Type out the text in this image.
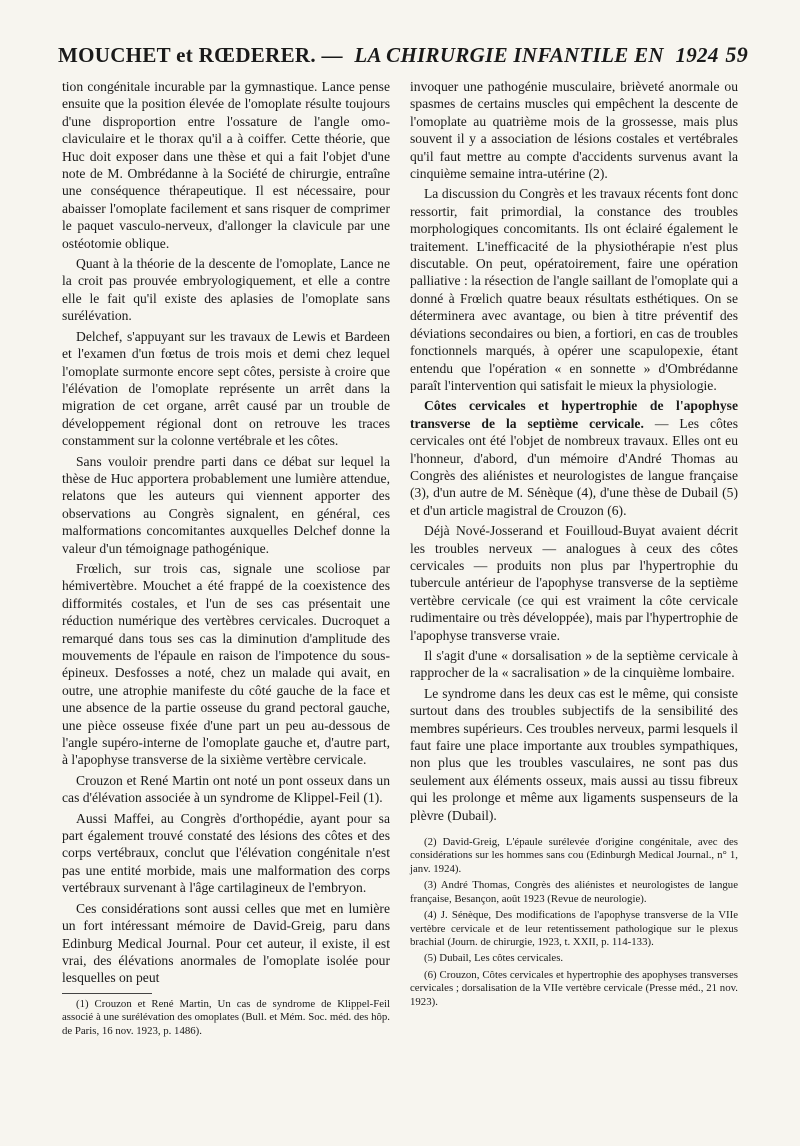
MOUCHET et RŒDERER. — LA CHIRURGIE INFANTILE EN 1924 59

tion congénitale incurable par la gymnastique. Lance pense ensuite que la position élevée de l'omoplate résulte toujours d'une disproportion entre l'ossature de l'angle omo-claviculaire et le thorax qu'il a à coiffer. Cette théorie, que Huc doit exposer dans une thèse et qui a fait l'objet d'une note de M. Ombrédanne à la Société de chirurgie, entraîne une conséquence thérapeutique. Il est nécessaire, pour abaisser l'omoplate facilement et sans risquer de comprimer le paquet vasculo-nerveux, d'allonger la clavicule par une ostéotomie oblique.

Quant à la théorie de la descente de l'omoplate, Lance ne la croit pas prouvée embryologiquement, et elle a contre elle le fait qu'il existe des aplasies de l'omoplate sans surélévation.

Delchef, s'appuyant sur les travaux de Lewis et Bardeen et l'examen d'un fœtus de trois mois et demi chez lequel l'omoplate surmonte encore sept côtes, persiste à croire que l'élévation de l'omoplate représente un arrêt dans la migration de cet organe, arrêt causé par un trouble de développement régional dont on retrouve les traces constamment sur la colonne vertébrale et les côtes.

Sans vouloir prendre parti dans ce débat sur lequel la thèse de Huc apportera probablement une lumière attendue, relatons que les auteurs qui viennent apporter des observations au Congrès signalent, en général, ces malformations concomitantes auxquelles Delchef donne la valeur d'un témoignage pathogénique.

Frœlich, sur trois cas, signale une scoliose par hémivertèbre. Mouchet a été frappé de la coexistence des difformités costales, et l'un de ses cas présentait une réduction numérique des vertèbres cervicales. Ducroquet a remarqué dans tous ses cas la diminution d'amplitude des mouvements de l'épaule en raison de l'impotence du sous-épineux. Desfosses a noté, chez un malade qui avait, en outre, une atrophie manifeste du côté gauche de la face et une absence de la partie osseuse du grand pectoral gauche, une pièce osseuse fixée d'une part un peu au-dessous de l'angle supéro-interne de l'omoplate gauche et, d'autre part, à l'apophyse transverse de la sixième vertèbre cervicale.

Crouzon et René Martin ont noté un pont osseux dans un cas d'élévation associée à un syndrome de Klippel-Feil (1).

Aussi Maffei, au Congrès d'orthopédie, ayant pour sa part également trouvé constaté des lésions des côtes et des corps vertébraux, conclut que l'élévation congénitale n'est pas une entité morbide, mais une malformation des corps vertébraux survenant à l'âge cartilagineux de l'embryon.

Ces considérations sont aussi celles que met en lumière un fort intéressant mémoire de David-Greig, paru dans Edinburg Medical Journal. Pour cet auteur, il existe, il est vrai, des élévations anormales de l'omoplate isolée pour lesquelles on peut

(1) Crouzon et René Martin, Un cas de syndrome de Klippel-Feil associé à une surélévation des omoplates (Bull. et Mém. Soc. méd. des hôp. de Paris, 16 nov. 1923, p. 1486).

invoquer une pathogénie musculaire, brièveté anormale ou spasmes de certains muscles qui empêchent la descente de l'omoplate au quatrième mois de la grossesse, mais plus souvent il y a association de lésions costales et vertébrales qu'il faut mettre au compte d'accidents survenus avant la cinquième semaine intra-utérine (2).

La discussion du Congrès et les travaux récents font donc ressortir, fait primordial, la constance des troubles morphologiques concomitants. Ils ont éclairé également le traitement. L'inefficacité de la physiothérapie n'est plus discutable. On peut, opératoirement, faire une opération palliative : la résection de l'angle saillant de l'omoplate qui a donné à Frœlich quatre beaux résultats esthétiques. On se déterminera avec avantage, ou bien à titre préventif des déviations secondaires ou bien, a fortiori, en cas de troubles fonctionnels marqués, à opérer une scapulopexie, étant entendu que l'opération « en sonnette » d'Ombrédanne paraît l'intervention qui satisfait le mieux la physiologie.

Côtes cervicales et hypertrophie de l'apophyse transverse de la septième cervicale. — Les côtes cervicales ont été l'objet de nombreux travaux. Elles ont eu l'honneur, d'abord, d'un mémoire d'André Thomas au Congrès des aliénistes et neurologistes de langue française (3), d'un autre de M. Sénèque (4), d'une thèse de Dubail (5) et d'un article magistral de Crouzon (6).

Déjà Nové-Josserand et Fouilloud-Buyat avaient décrit les troubles nerveux — analogues à ceux des côtes cervicales — produits non plus par l'hypertrophie du tubercule antérieur de l'apophyse transverse de la septième vertèbre cervicale (ce qui est vraiment la côte cervicale rudimentaire ou très développée), mais par l'hypertrophie de l'apophyse transverse vraie.

Il s'agit d'une « dorsalisation » de la septième cervicale à rapprocher de la « sacralisation » de la cinquième lombaire.

Le syndrome dans les deux cas est le même, qui consiste surtout dans des troubles subjectifs de la sensibilité des membres supérieurs. Ces troubles nerveux, parmi lesquels il faut faire une place importante aux troubles sympathiques, non plus que les troubles vasculaires, ne sont pas dus seulement aux éléments osseux, mais aussi au tissu fibreux qui les prolonge et même aux ligaments suspenseurs de la plèvre (Dubail).

(2) David-Greig, L'épaule surélevée d'origine congénitale, avec des considérations sur les hommes sans cou (Edinburgh Medical Journal., n° 1, janv. 1924).

(3) André Thomas, Congrès des aliénistes et neurologistes de langue française, Besançon, août 1923 (Revue de neurologie).

(4) J. Sénèque, Des modifications de l'apophyse transverse de la VIIe vertèbre cervicale et de leur retentissement pathologique sur le plexus brachial (Journ. de chirurgie, 1923, t. XXII, p. 114-133).

(5) Dubail, Les côtes cervicales.

(6) Crouzon, Côtes cervicales et hypertrophie des apophyses transverses cervicales ; dorsalisation de la VIIe vertèbre cervicale (Presse méd., 21 nov. 1923).
